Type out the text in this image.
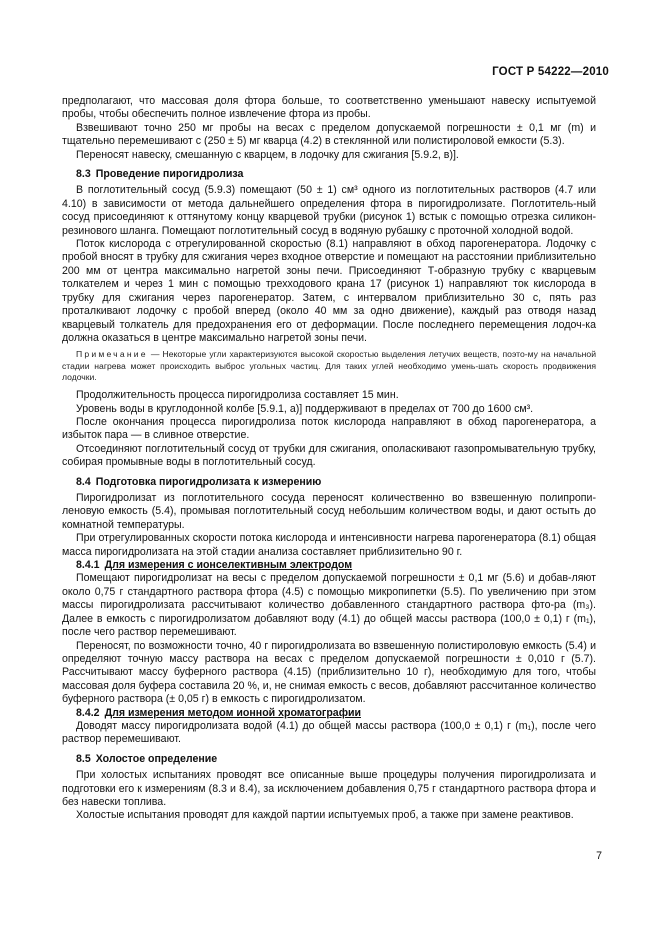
ГОСТ Р 54222—2010

предполагают, что массовая доля фтора больше, то соответственно уменьшают навеску испытуемой пробы, чтобы обеспечить полное извлечение фтора из пробы.

Взвешивают точно 250 мг пробы на весах с пределом допускаемой погрешности ± 0,1 мг (m) и тщательно перемешивают с (250 ± 5) мг кварца (4.2) в стеклянной или полистироловой емкости (5.3).

Переносят навеску, смешанную с кварцем, в лодочку для сжигания [5.9.2, в)].

8.3 Проведение пирогидролиза

В поглотительный сосуд (5.9.3) помещают (50 ± 1) см³ одного из поглотительных растворов (4.7 или 4.10) в зависимости от метода дальнейшего определения фтора в пирогидролизате. Поглотитель-ный сосуд присоединяют к оттянутому концу кварцевой трубки (рисунок 1) встык с помощью отрезка силикон-резинового шланга. Помещают поглотительный сосуд в водяную рубашку с проточной холодной водой.

Поток кислорода с отрегулированной скоростью (8.1) направляют в обход парогенератора. Лодочку с пробой вносят в трубку для сжигания через входное отверстие и помещают на расстоянии приблизительно 200 мм от центра максимально нагретой зоны печи. Присоединяют Т-образную трубку с кварцевым толкателем и через 1 мин с помощью трехходового крана 17 (рисунок 1) направляют ток кислорода в трубку для сжигания через парогенератор. Затем, с интервалом приблизительно 30 с, пять раз проталкивают лодочку с пробой вперед (около 40 мм за одно движение), каждый раз отводя назад кварцевый толкатель для предохранения его от деформации. После последнего перемещения лодоч-ка должна оказаться в центре максимально нагретой зоны печи.

Примечание — Некоторые угли характеризуются высокой скоростью выделения летучих веществ, поэто-му на начальной стадии нагрева может происходить выброс угольных частиц. Для таких углей необходимо умень-шать скорость продвижения лодочки.

Продолжительность процесса пирогидролиза составляет 15 мин.

Уровень воды в круглодонной колбе [5.9.1, а)] поддерживают в пределах от 700 до 1600 см³.

После окончания процесса пирогидролиза поток кислорода направляют в обход парогенератора, а избыток пара — в сливное отверстие.

Отсоединяют поглотительный сосуд от трубки для сжигания, ополаскивают газопромывательную трубку, собирая промывные воды в поглотительный сосуд.

8.4 Подготовка пирогидролизата к измерению

Пирогидролизат из поглотительного сосуда переносят количественно во взвешенную полипропи-леновую емкость (5.4), промывая поглотительный сосуд небольшим количеством воды, и дают остыть до комнатной температуры.

При отрегулированных скорости потока кислорода и интенсивности нагрева парогенератора (8.1) общая масса пирогидролизата на этой стадии анализа составляет приблизительно 90 г.

8.4.1 Для измерения с ионселективным электродом

Помещают пирогидролизат на весы с пределом допускаемой погрешности ± 0,1 мг (5.6) и добав-ляют около 0,75 г стандартного раствора фтора (4.5) с помощью микропипетки (5.5). По увеличению при этом массы пирогидролизата рассчитывают количество добавленного стандартного раствора фто-ра (m₃). Далее в емкость с пирогидролизатом добавляют воду (4.1) до общей массы раствора (100,0 ± 0,1) г (m₁), после чего раствор перемешивают.

Переносят, по возможности точно, 40 г пирогидролизата во взвешенную полистироловую емкость (5.4) и определяют точную массу раствора на весах с пределом допускаемой погрешности ± 0,010 г (5.7). Рассчитывают массу буферного раствора (4.15) (приблизительно 10 г), необходимую для того, чтобы массовая доля буфера составила 20 %, и, не снимая емкость с весов, добавляют рассчитанное количество буферного раствора (± 0,05 г) в емкость с пирогидролизатом.

8.4.2 Для измерения методом ионной хроматографии

Доводят массу пирогидролизата водой (4.1) до общей массы раствора (100,0 ± 0,1) г (m₁), после чего раствор перемешивают.

8.5 Холостое определение

При холостых испытаниях проводят все описанные выше процедуры получения пирогидролизата и подготовки его к измерениям (8.3 и 8.4), за исключением добавления 0,75 г стандартного раствора фтора и без навески топлива.

Холостые испытания проводят для каждой партии испытуемых проб, а также при замене реактивов.

7
